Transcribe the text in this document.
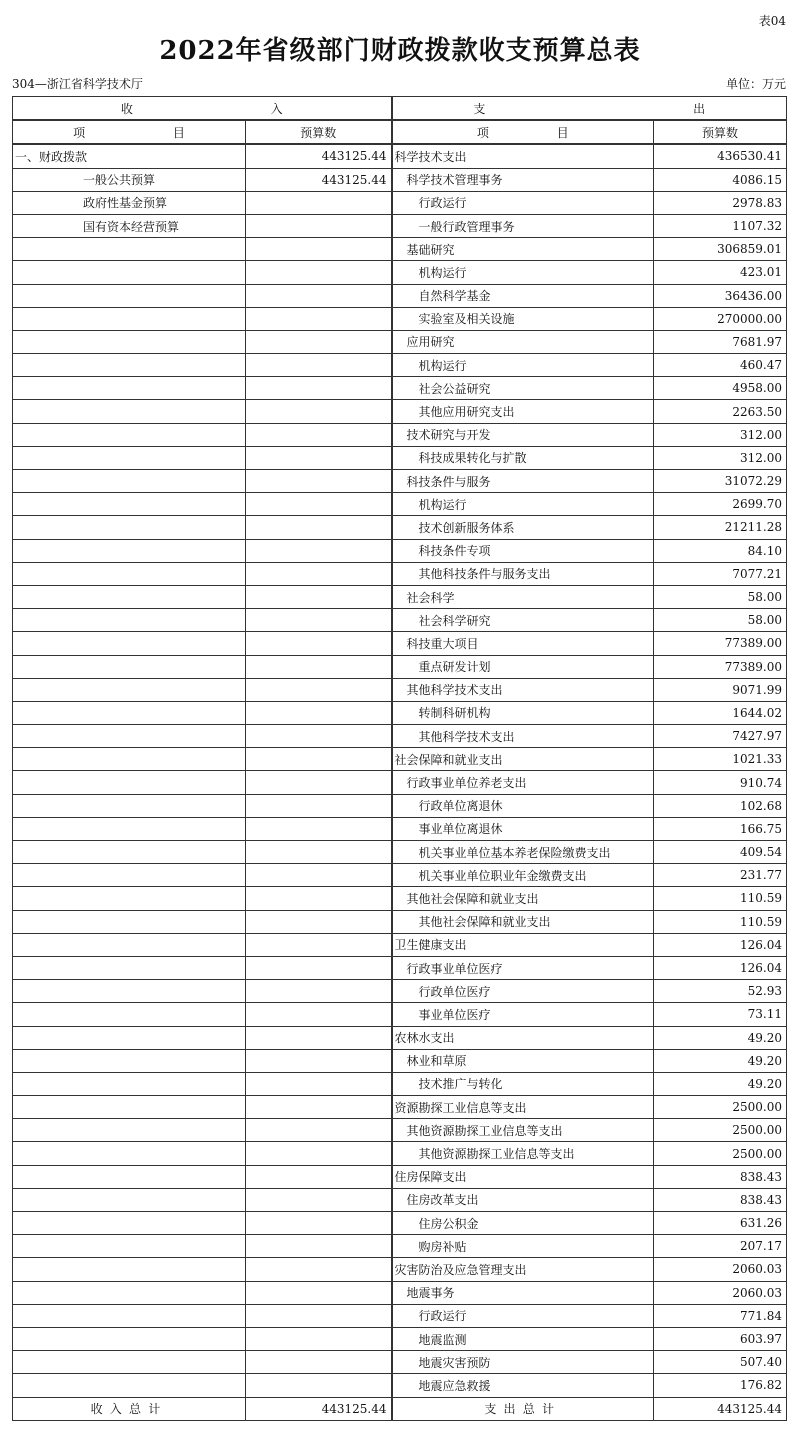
表04
2022年省级部门财政拨款收支预算总表
304—浙江省科学技术厅	单位：万元
收 入		支 出	
项 目	预算数	项 目	预算数
一、财政拨款	443125.44	科学技术支出	436530.41
一般公共预算	443125.44	科学技术管理事务	4086.15
政府性基金预算		行政运行	2978.83
国有资本经营预算		一般行政管理事务	1107.32
		基础研究	306859.01
		机构运行	423.01
		自然科学基金	36436.00
		实验室及相关设施	270000.00
		应用研究	7681.97
		机构运行	460.47
		社会公益研究	4958.00
		其他应用研究支出	2263.50
		技术研究与开发	312.00
		科技成果转化与扩散	312.00
		科技条件与服务	31072.29
		机构运行	2699.70
		技术创新服务体系	21211.28
		科技条件专项	84.10
		其他科技条件与服务支出	7077.21
		社会科学	58.00
		社会科学研究	58.00
		科技重大项目	77389.00
		重点研发计划	77389.00
		其他科学技术支出	9071.99
		转制科研机构	1644.02
		其他科学技术支出	7427.97
		社会保障和就业支出	1021.33
		行政事业单位养老支出	910.74
		行政单位离退休	102.68
		事业单位离退休	166.75
		机关事业单位基本养老保险缴费支出	409.54
		机关事业单位职业年金缴费支出	231.77
		其他社会保障和就业支出	110.59
		其他社会保障和就业支出	110.59
		卫生健康支出	126.04
		行政事业单位医疗	126.04
		行政单位医疗	52.93
		事业单位医疗	73.11
		农林水支出	49.20
		林业和草原	49.20
		技术推广与转化	49.20
		资源勘探工业信息等支出	2500.00
		其他资源勘探工业信息等支出	2500.00
		其他资源勘探工业信息等支出	2500.00
		住房保障支出	838.43
		住房改革支出	838.43
		住房公积金	631.26
		购房补贴	207.17
		灾害防治及应急管理支出	2060.03
		地震事务	2060.03
		行政运行	771.84
		地震监测	603.97
		地震灾害预防	507.40
		地震应急救援	176.82
收入总计	443125.44	支出总计	443125.44
